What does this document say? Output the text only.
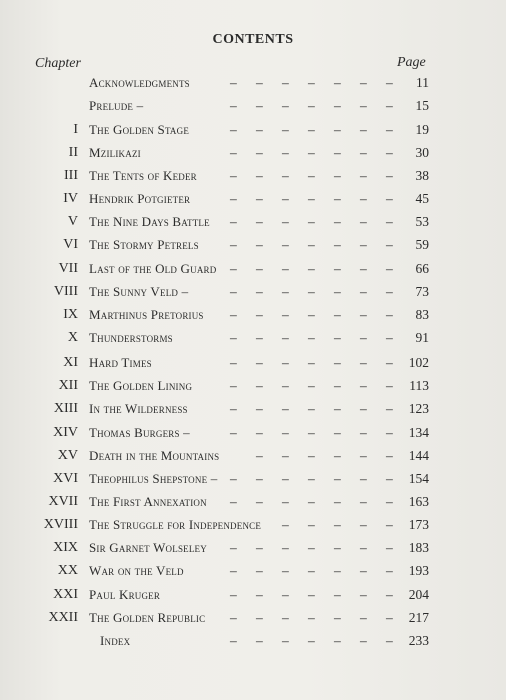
CONTENTS
Chapter	Page
Acknowledgments	11
– – – – – – –
Prelude –	15
– – – – – – –
I The Golden Stage	19
– – – – – – –
II Mzilikazi	30
– – – – – – –
III The Tents of Keder	38
– – – – – – –
IV Hendrik Potgieter	45
– – – – – – –
V The Nine Days Battle	53
– – – – – – –
VI The Stormy Petrels	59
– – – – – – –
VII Last of the Old Guard	66
– – – – – – –
VIII The Sunny Veld –	73
– – – – – – –
IX Marthinus Pretorius	83
– – – – – – –
X Thunderstorms	91
– – – – – – –
XI Hard Times	102
– – – – – – –
XII The Golden Lining	113
– – – – – – –
XIII In the Wilderness	123
– – – – – – –
XIV Thomas Burgers –	134
– – – – – – –
XV Death in the Mountains	144
– – – – – –
XVI Theophilus Shepstone –	154
– – – – – – –
XVII The First Annexation	163
– – – – – – –
XVIII The Struggle for Independence	173
– – – – –
XIX Sir Garnet Wolseley	183
– – – – – – –
XX War on the Veld	193
– – – – – – –
XXI Paul Kruger	204
– – – – – – –
XXII The Golden Republic	217
– – – – – – –
Index	233
– – – – – – –
